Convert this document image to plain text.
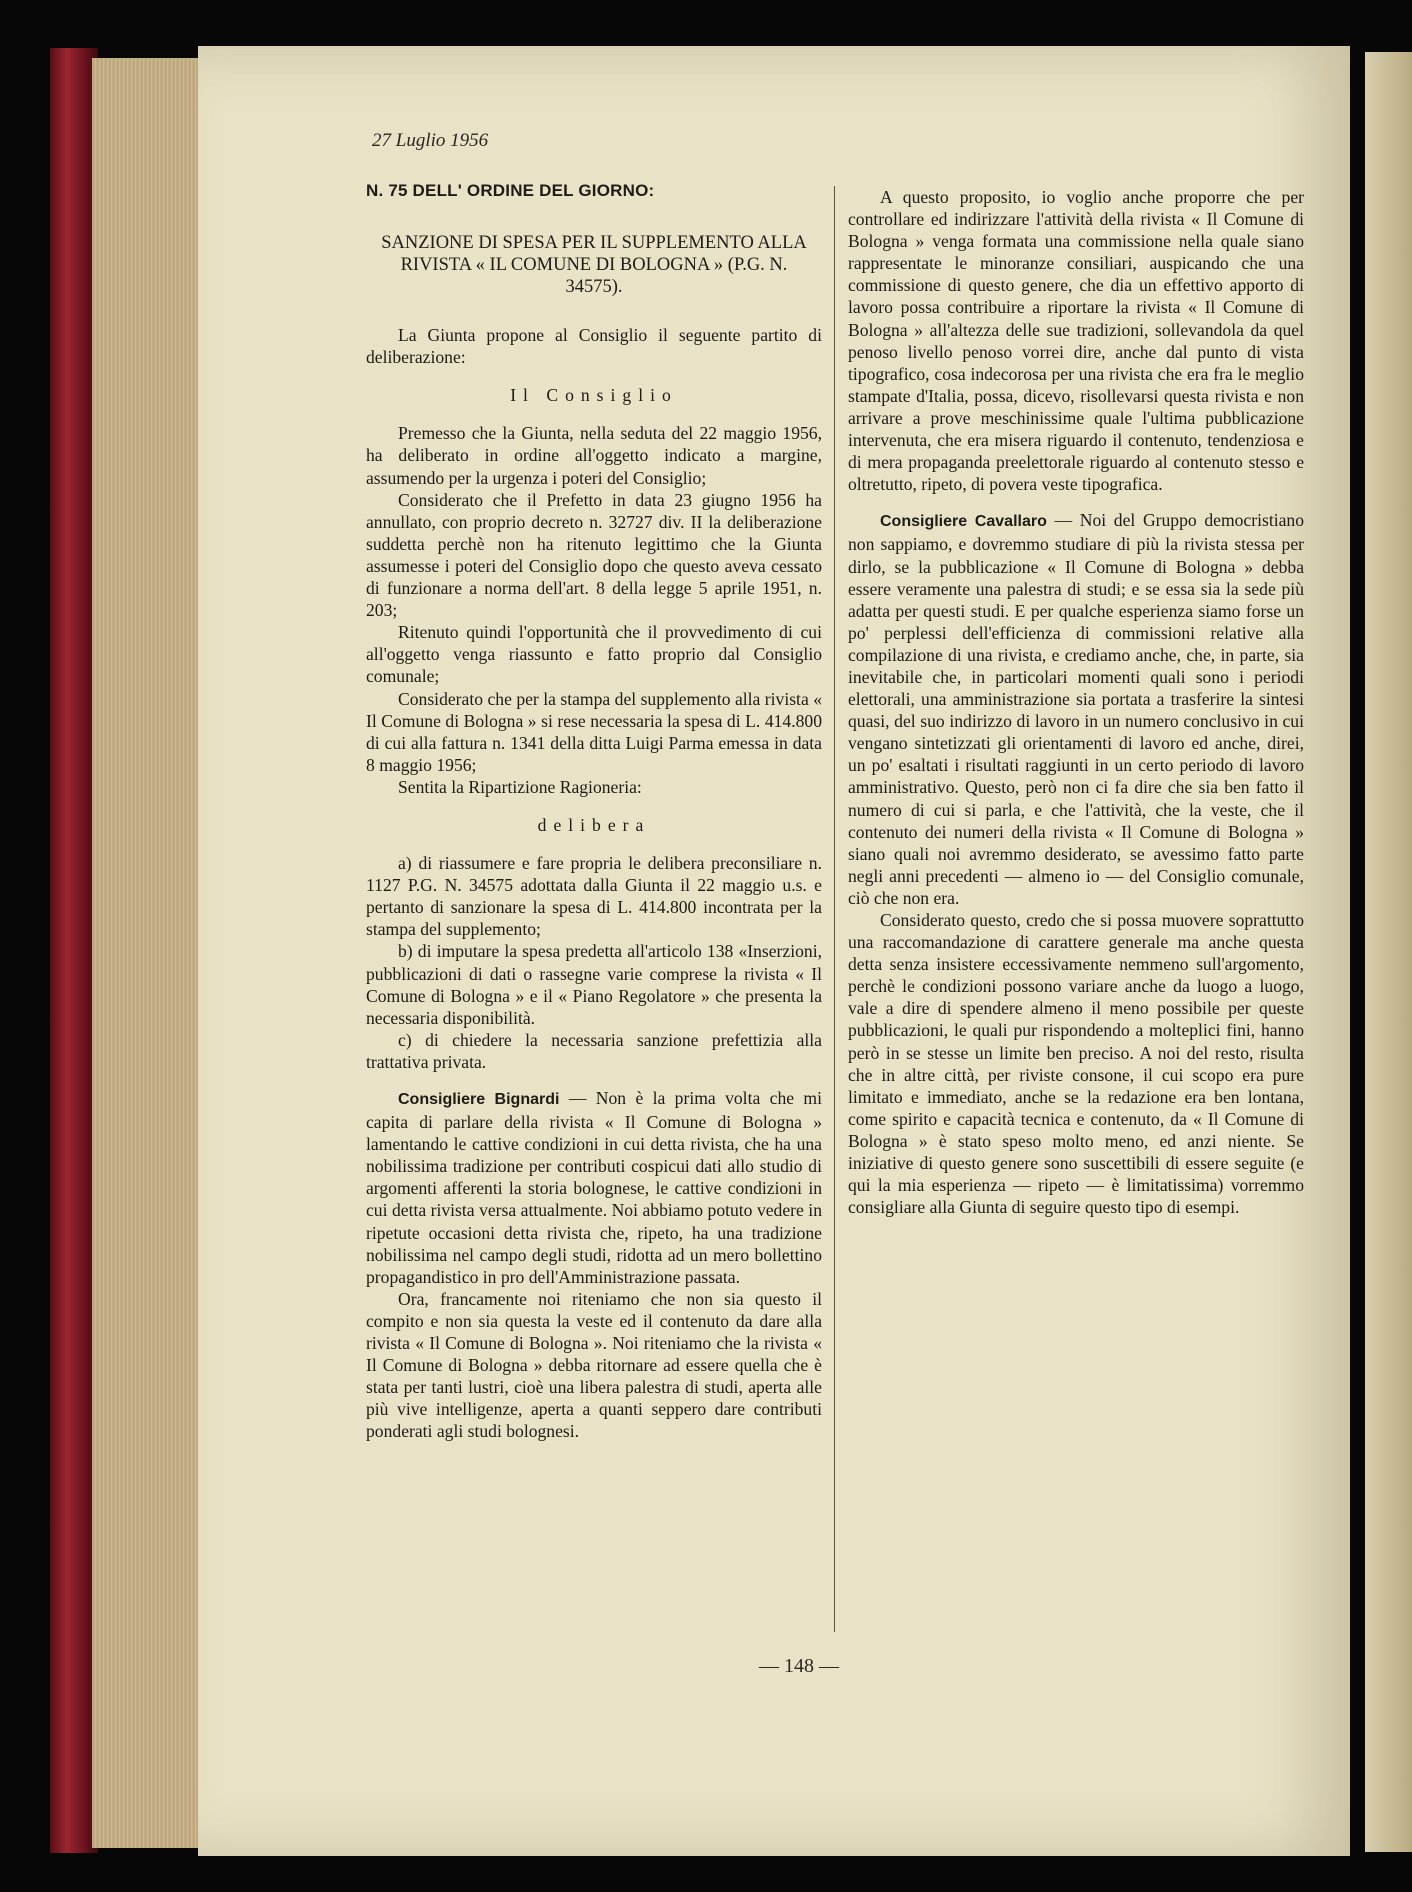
27 Luglio 1956
N. 75 DELL' ORDINE DEL GIORNO:
SANZIONE DI SPESA PER IL SUPPLEMENTO ALLA RIVISTA « IL COMUNE DI BOLOGNA » (P.G. N. 34575).

La Giunta propone al Consiglio il seguente partito di deliberazione:

Il Consiglio

Premesso che la Giunta, nella seduta del 22 maggio 1956, ha deliberato in ordine all'oggetto indicato a margine, assumendo per la urgenza i poteri del Consiglio;

Considerato che il Prefetto in data 23 giugno 1956 ha annullato, con proprio decreto n. 32727 div. II la deliberazione suddetta perchè non ha ritenuto legittimo che la Giunta assumesse i poteri del Consiglio dopo che questo aveva cessato di funzionare a norma dell'art. 8 della legge 5 aprile 1951, n. 203;

Ritenuto quindi l'opportunità che il provvedimento di cui all'oggetto venga riassunto e fatto proprio dal Consiglio comunale;

Considerato che per la stampa del supplemento alla rivista « Il Comune di Bologna » si rese necessaria la spesa di L. 414.800 di cui alla fattura n. 1341 della ditta Luigi Parma emessa in data 8 maggio 1956;

Sentita la Ripartizione Ragioneria:

delibera

a) di riassumere e fare propria le delibera preconsiliare n. 1127 P.G. N. 34575 adottata dalla Giunta il 22 maggio u.s. e pertanto di sanzionare la spesa di L. 414.800 incontrata per la stampa del supplemento;

b) di imputare la spesa predetta all'articolo 138 «Inserzioni, pubblicazioni di dati o rassegne varie comprese la rivista « Il Comune di Bologna » e il « Piano Regolatore » che presenta la necessaria disponibilità.

c) di chiedere la necessaria sanzione prefettizia alla trattativa privata.

Consigliere Bignardi — Non è la prima volta che mi capita di parlare della rivista « Il Comune di Bologna » lamentando le cattive condizioni in cui detta rivista, che ha una nobilissima tradizione per contributi cospicui dati allo studio di argomenti afferenti la storia bolognese, le cattive condizioni in cui detta rivista versa attualmente. Noi abbiamo potuto vedere in ripetute occasioni detta rivista che, ripeto, ha una tradizione nobilissima nel campo degli studi, ridotta ad un mero bollettino propagandistico in pro dell'Amministrazione passata.

Ora, francamente noi riteniamo che non sia questo il compito e non sia questa la veste ed il contenuto da dare alla rivista « Il Comune di Bologna ». Noi riteniamo che la rivista « Il Comune di Bologna » debba ritornare ad essere quella che è stata per tanti lustri, cioè una libera palestra di studi, aperta alle più vive intelligenze, aperta a quanti seppero dare contributi ponderati agli studi bolognesi.

A questo proposito, io voglio anche proporre che per controllare ed indirizzare l'attività della rivista « Il Comune di Bologna » venga formata una commissione nella quale siano rappresentate le minoranze consiliari, auspicando che una commissione di questo genere, che dia un effettivo apporto di lavoro possa contribuire a riportare la rivista « Il Comune di Bologna » all'altezza delle sue tradizioni, sollevandola da quel penoso livello penoso vorrei dire, anche dal punto di vista tipografico, cosa indecorosa per una rivista che era fra le meglio stampate d'Italia, possa, dicevo, risollevarsi questa rivista e non arrivare a prove meschinissime quale l'ultima pubblicazione intervenuta, che era misera riguardo il contenuto, tendenziosa e di mera propaganda preelettorale riguardo al contenuto stesso e oltretutto, ripeto, di povera veste tipografica.

Consigliere Cavallaro — Noi del Gruppo democristiano non sappiamo, e dovremmo studiare di più la rivista stessa per dirlo, se la pubblicazione « Il Comune di Bologna » debba essere veramente una palestra di studi; e se essa sia la sede più adatta per questi studi. E per qualche esperienza siamo forse un po' perplessi dell'efficienza di commissioni relative alla compilazione di una rivista, e crediamo anche, che, in parte, sia inevitabile che, in particolari momenti quali sono i periodi elettorali, una amministrazione sia portata a trasferire la sintesi quasi, del suo indirizzo di lavoro in un numero conclusivo in cui vengano sintetizzati gli orientamenti di lavoro ed anche, direi, un po' esaltati i risultati raggiunti in un certo periodo di lavoro amministrativo. Questo, però non ci fa dire che sia ben fatto il numero di cui si parla, e che l'attività, che la veste, che il contenuto dei numeri della rivista « Il Comune di Bologna » siano quali noi avremmo desiderato, se avessimo fatto parte negli anni precedenti — almeno io — del Consiglio comunale, ciò che non era.

Considerato questo, credo che si possa muovere soprattutto una raccomandazione di carattere generale ma anche questa detta senza insistere eccessivamente nemmeno sull'argomento, perchè le condizioni possono variare anche da luogo a luogo, vale a dire di spendere almeno il meno possibile per queste pubblicazioni, le quali pur rispondendo a molteplici fini, hanno però in se stesse un limite ben preciso. A noi del resto, risulta che in altre città, per riviste consone, il cui scopo era pure limitato e immediato, anche se la redazione era ben lontana, come spirito e capacità tecnica e contenuto, da « Il Comune di Bologna » è stato speso molto meno, ed anzi niente. Se iniziative di questo genere sono suscettibili di essere seguite (e qui la mia esperienza — ripeto — è limitatissima) vorremmo consigliare alla Giunta di seguire questo tipo di esempi.

— 148 —
